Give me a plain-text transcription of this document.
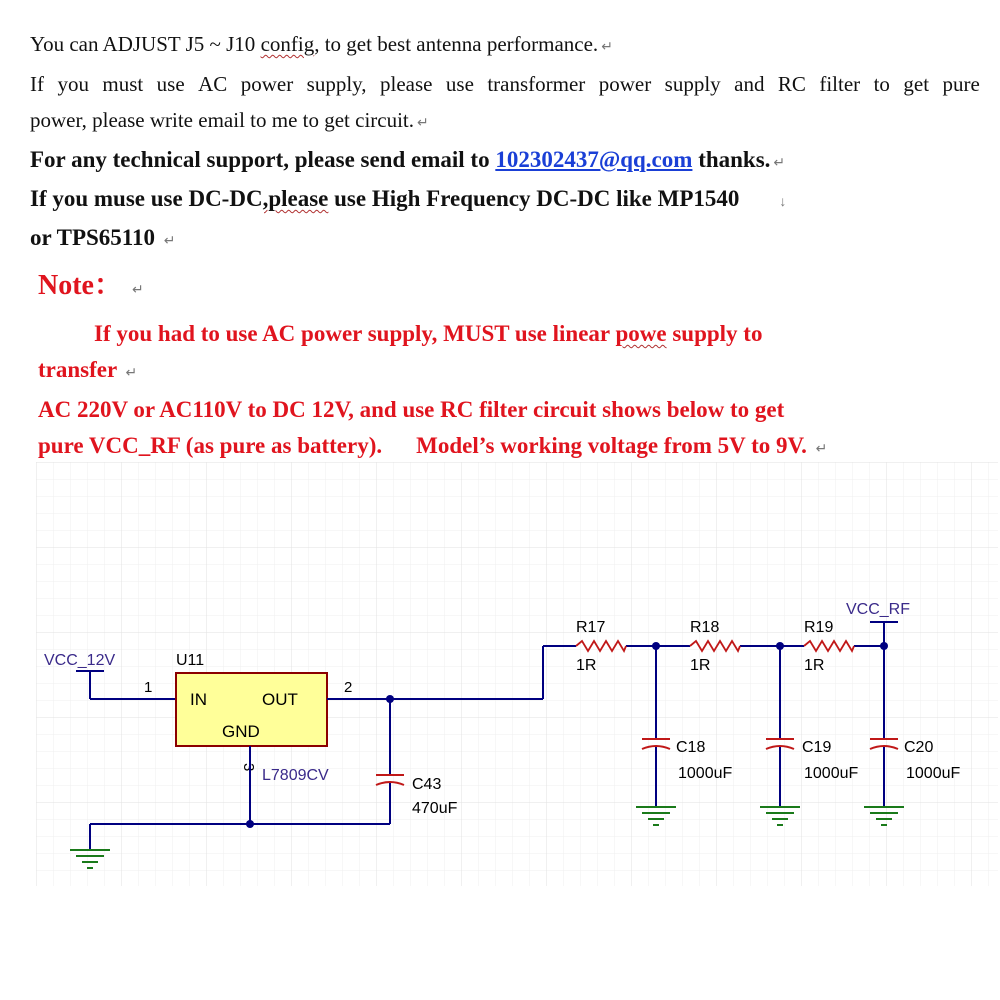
You can ADJUST J5 ~ J10 config, to get best antenna performance. ↵
If you must use AC power supply, please use transformer power supply and RC filter to get pure
power, please write email to me to get circuit. ↵
For any technical support, please send email to 102302437@qq.com thanks. ↵
If you muse use DC-DC,please use High Frequency DC-DC like MP1540	↓
or TPS65110 ↵
Note： ↵
If you had to use AC power supply, MUST use linear powe supply to
transfer ↵
AC 220V or AC110V to DC 12V, and use RC filter circuit shows below to get
pure VCC_RF (as pure as battery). Model’s working voltage from 5V to 9V. ↵
VCC_12V	U11
IN	OUT
GND
1	2
3 L7809CV
C43
470uF
R17
1R
R18
1R
R19
1R
VCC_RF
C18
1000uF
C19
1000uF
C20
1000uF
